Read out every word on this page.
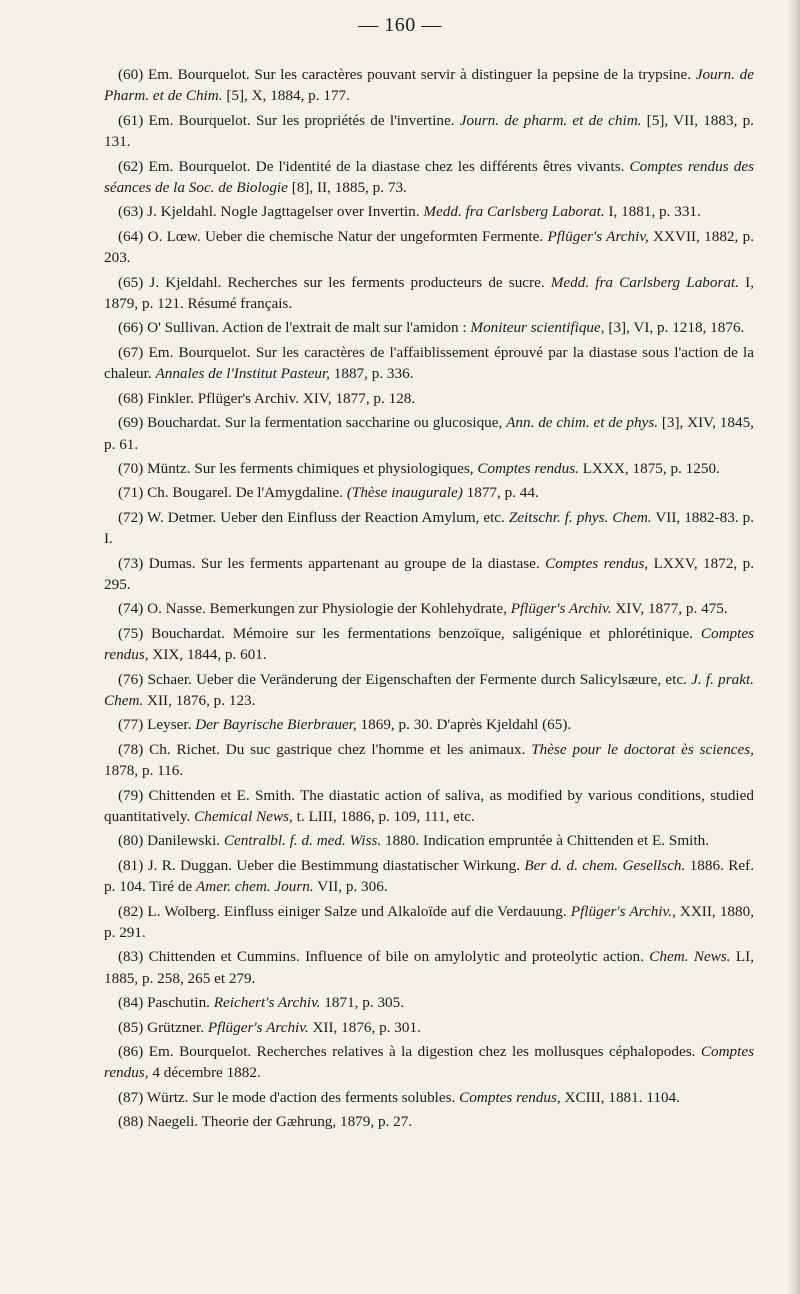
— 160 —

(60) Em. Bourquelot. Sur les caractères pouvant servir à distinguer la pepsine de la trypsine. Journ. de Pharm. et de Chim. [5], X, 1884, p. 177.

(61) Em. Bourquelot. Sur les propriétés de l'invertine. Journ. de pharm. et de chim. [5], VII, 1883, p. 131.

(62) Em. Bourquelot. De l'identité de la diastase chez les différents êtres vivants. Comptes rendus des séances de la Soc. de Biologie [8], II, 1885, p. 73.

(63) J. Kjeldahl. Nogle Jagttagelser over Invertin. Medd. fra Carlsberg Laborat. I, 1881, p. 331.

(64) O. Lœw. Ueber die chemische Natur der ungeformten Fermente. Pflüger's Archiv, XXVII, 1882, p. 203.

(65) J. Kjeldahl. Recherches sur les ferments producteurs de sucre. Medd. fra Carlsberg Laborat. I, 1879, p. 121. Résumé français.

(66) O' Sullivan. Action de l'extrait de malt sur l'amidon : Moniteur scientifique, [3], VI, p. 1218, 1876.

(67) Em. Bourquelot. Sur les caractères de l'affaiblissement éprouvé par la diastase sous l'action de la chaleur. Annales de l'Institut Pasteur, 1887, p. 336.

(68) Finkler. Pflüger's Archiv. XIV, 1877, p. 128.

(69) Bouchardat. Sur la fermentation saccharine ou glucosique, Ann. de chim. et de phys. [3], XIV, 1845, p. 61.

(70) Müntz. Sur les ferments chimiques et physiologiques, Comptes rendus. LXXX, 1875, p. 1250.

(71) Ch. Bougarel. De l'Amygdaline. (Thèse inaugurale) 1877, p. 44.

(72) W. Detmer. Ueber den Einfluss der Reaction Amylum, etc. Zeitschr. f. phys. Chem. VII, 1882-83. p. I.

(73) Dumas. Sur les ferments appartenant au groupe de la diastase. Comptes rendus, LXXV, 1872, p. 295.

(74) O. Nasse. Bemerkungen zur Physiologie der Kohlehydrate, Pflüger's Archiv. XIV, 1877, p. 475.

(75) Bouchardat. Mémoire sur les fermentations benzoïque, saligénique et phlorétinique. Comptes rendus, XIX, 1844, p. 601.

(76) Schaer. Ueber die Veränderung der Eigenschaften der Fermente durch Salicylsæure, etc. J. f. prakt. Chem. XII, 1876, p. 123.

(77) Leyser. Der Bayrische Bierbrauer, 1869, p. 30. D'après Kjeldahl (65).

(78) Ch. Richet. Du suc gastrique chez l'homme et les animaux. Thèse pour le doctorat ès sciences, 1878, p. 116.

(79) Chittenden et E. Smith. The diastatic action of saliva, as modified by various conditions, studied quantitatively. Chemical News, t. LIII, 1886, p. 109, 111, etc.

(80) Danilewski. Centralbl. f. d. med. Wiss. 1880. Indication empruntée à Chittenden et E. Smith.

(81) J. R. Duggan. Ueber die Bestimmung diastatischer Wirkung. Ber d. d. chem. Gesellsch. 1886. Ref. p. 104. Tiré de Amer. chem. Journ. VII, p. 306.

(82) L. Wolberg. Einfluss einiger Salze und Alkaloïde auf die Verdauung. Pflüger's Archiv., XXII, 1880, p. 291.

(83) Chittenden et Cummins. Influence of bile on amylolytic and proteolytic action. Chem. News. LI, 1885, p. 258, 265 et 279.

(84) Paschutin. Reichert's Archiv. 1871, p. 305.

(85) Grützner. Pflüger's Archiv. XII, 1876, p. 301.

(86) Em. Bourquelot. Recherches relatives à la digestion chez les mollusques céphalopodes. Comptes rendus, 4 décembre 1882.

(87) Würtz. Sur le mode d'action des ferments solubles. Comptes rendus, XCIII, 1881. 1104.

(88) Naegeli. Theorie der Gæhrung, 1879, p. 27.
